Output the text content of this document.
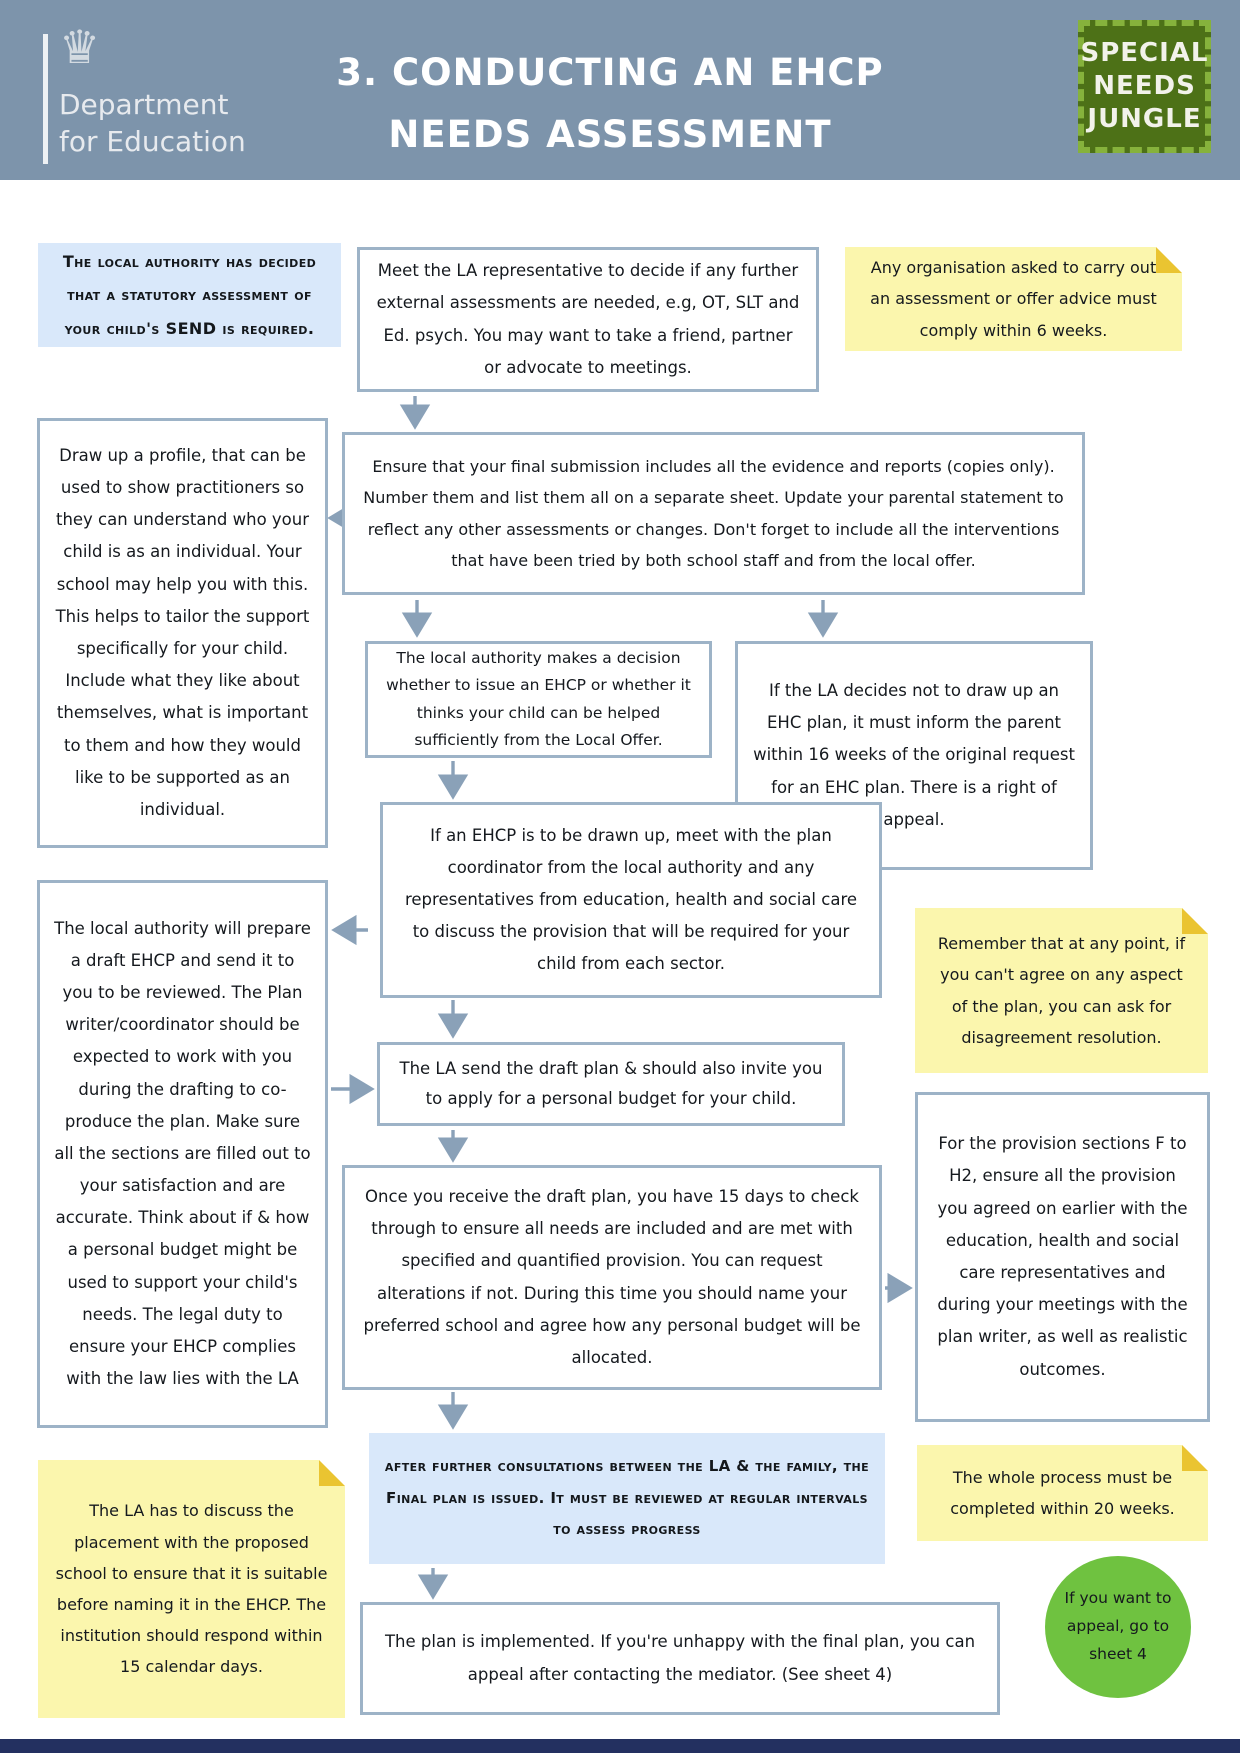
♛
Department
for Education
3. CONDUCTING AN EHCP
NEEDS ASSESSMENT
SPECIAL
NEEDS
JUNGLE
The local authority has decided that a statutory assessment of your child's SEND is required.
Meet the LA representative to decide if any further external assessments are needed, e.g, OT, SLT and Ed. psych. You may want to take a friend, partner or advocate to meetings.
Any organisation asked to carry out an assessment or offer advice must comply within 6 weeks.
Draw up a profile, that can be used to show practitioners so they can understand who your child is as an individual. Your school may help you with this. This helps to tailor the support specifically for your child. Include what they like about themselves, what is important to them and how they would like to be supported as an individual.
Ensure that your final submission includes all the evidence and reports (copies only). Number them and list them all on a separate sheet. Update your parental statement to reflect any other assessments or changes. Don't forget to include all the interventions that have been tried by both school staff and from the local offer.
The local authority makes a decision whether to issue an EHCP or whether it thinks your child can be helped sufficiently from the Local Offer.
If the LA decides not to draw up an EHC plan, it must inform the parent within 16 weeks of the original request for an EHC plan. There is a right of appeal.
If an EHCP is to be drawn up, meet with the plan coordinator from the local authority and any representatives from education, health and social care to discuss the provision that will be required for your child from each sector.
The local authority will prepare a draft EHCP and send it to you to be reviewed. The Plan writer/coordinator should be expected to work with you during the drafting to co-produce the plan. Make sure all the sections are filled out to your satisfaction and are accurate. Think about if & how a personal budget might be used to support your child's needs. The legal duty to ensure your EHCP complies with the law lies with the LA
Remember that at any point, if you can't agree on any aspect of the plan, you can ask for disagreement resolution.
The LA send the draft plan & should also invite you to apply for a personal budget for your child.
Once you receive the draft plan, you have 15 days to check through to ensure all needs are included and are met with specified and quantified provision. You can request alterations if not. During this time you should name your preferred school and agree how any personal budget will be allocated.
For the provision sections F to H2, ensure all the provision you agreed on earlier with the education, health and social care representatives and during your meetings with the plan writer, as well as realistic outcomes.
after further consultations between the LA & the family, the Final plan is issued. It must be reviewed at regular intervals to assess progress
The whole process must be completed within 20 weeks.
The LA has to discuss the placement with the proposed school to ensure that it is suitable before naming it in the EHCP. The institution should respond within 15 calendar days.
The plan is implemented. If you're unhappy with the final plan, you can appeal after contacting the mediator. (See sheet 4)
If you want to appeal, go to sheet 4
